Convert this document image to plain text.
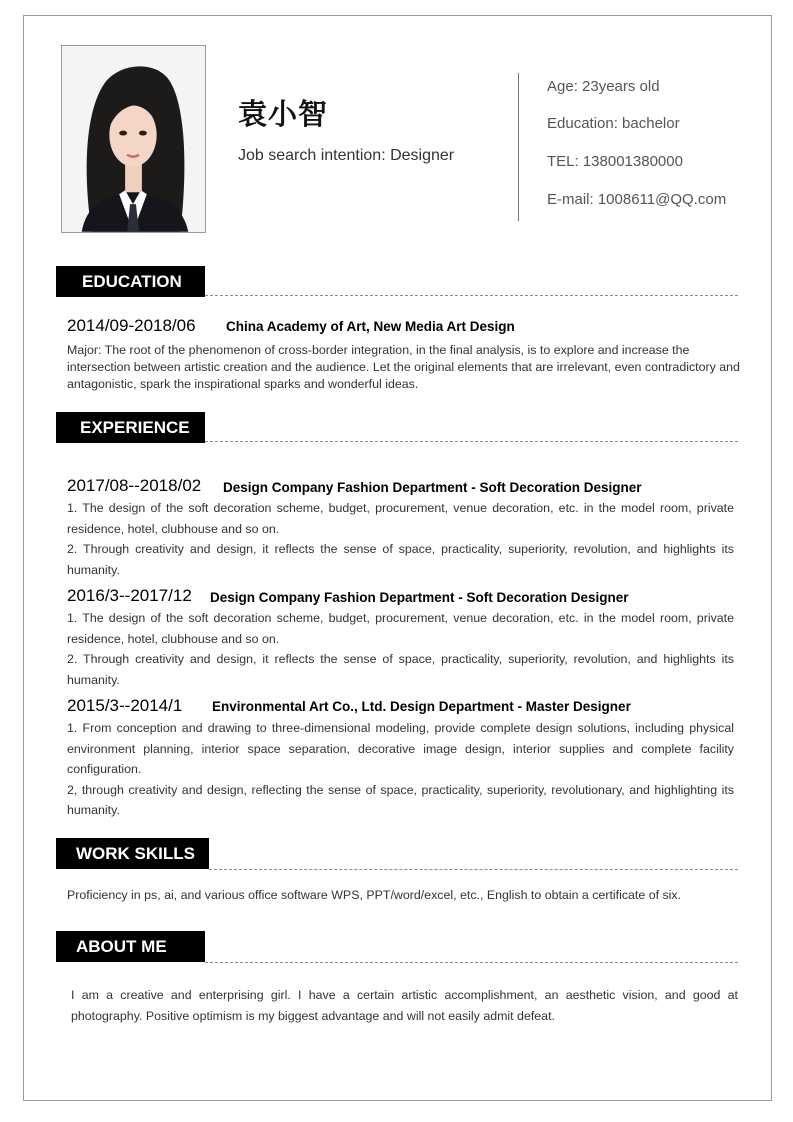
袁小智
Job search intention: Designer
Age: 23years old
Education: bachelor
TEL: 138001380000
E-mail: 1008611@QQ.com
EDUCATION
2014/09-2018/06 China Academy of Art, New Media Art Design
Major: The root of the phenomenon of cross-border integration, in the final analysis, is to explore and increase the intersection between artistic creation and the audience. Let the original elements that are irrelevant, even contradictory and antagonistic, spark the inspirational sparks and wonderful ideas.
EXPERIENCE
2017/08--2018/02 Design Company Fashion Department - Soft Decoration Designer

1. The design of the soft decoration scheme, budget, procurement, venue decoration, etc. in the model room, private residence, hotel, clubhouse and so on.

2. Through creativity and design, it reflects the sense of space, practicality, superiority, revolution, and highlights its humanity.

2016/3--2017/12 Design Company Fashion Department - Soft Decoration Designer

1. The design of the soft decoration scheme, budget, procurement, venue decoration, etc. in the model room, private residence, hotel, clubhouse and so on.

2. Through creativity and design, it reflects the sense of space, practicality, superiority, revolution, and highlights its humanity.

2015/3--2014/1 Environmental Art Co., Ltd. Design Department - Master Designer

1. From conception and drawing to three-dimensional modeling, provide complete design solutions, including physical environment planning, interior space separation, decorative image design, interior supplies and complete facility configuration.

2, through creativity and design, reflecting the sense of space, practicality, superiority, revolutionary, and highlighting its humanity.

WORK SKILLS
Proficiency in ps, ai, and various office software WPS, PPT/word/excel, etc., English to obtain a certificate of six.
ABOUT ME
I am a creative and enterprising girl. I have a certain artistic accomplishment, an aesthetic vision, and good at photography. Positive optimism is my biggest advantage and will not easily admit defeat.
